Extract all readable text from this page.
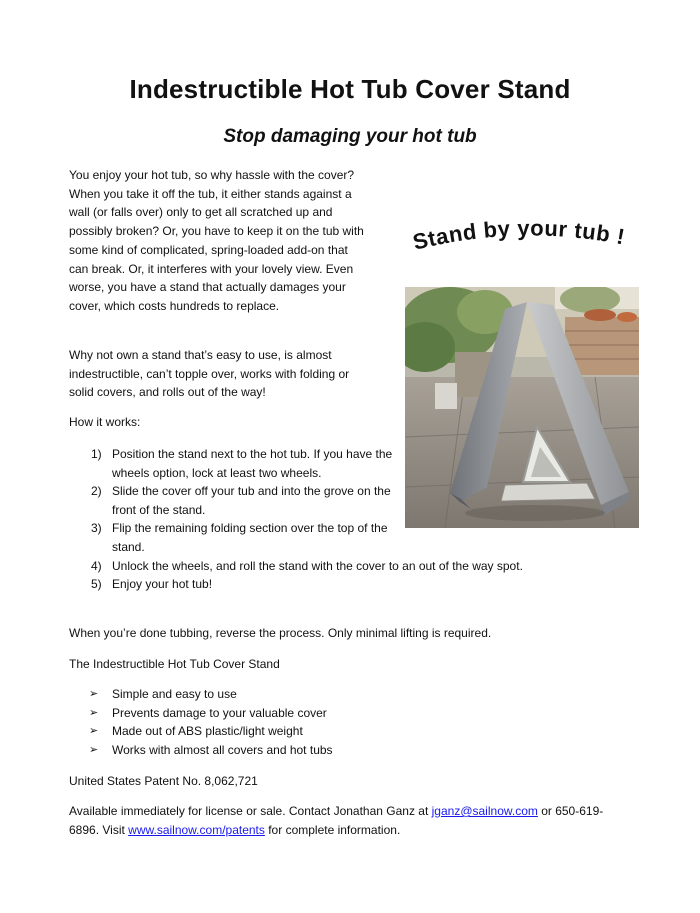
Indestructible Hot Tub Cover Stand
Stop damaging your hot tub

You enjoy your hot tub, so why hassle with the cover? When you take it off the tub, it either stands against a wall (or falls over) only to get all scratched up and possibly broken? Or, you have to keep it on the tub with some kind of complicated, spring-loaded add-on that can break. Or, it interferes with your lovely view. Even worse, you have a stand that actually damages your cover, which costs hundreds to replace.

Why not own a stand that’s easy to use, is almost indestructible, can’t topple over, works with folding or solid covers, and rolls out of the way!

How it works:

1) Position the stand next to the hot tub. If you have the wheels option, lock at least two wheels.
2) Slide the cover off your tub and into the grove on the front of the stand.
3) Flip the remaining folding section over the top of the stand.
4) Unlock the wheels, and roll the stand with the cover to an out of the way spot.
5) Enjoy your hot tub!

When you’re done tubbing, reverse the process. Only minimal lifting is required.

The Indestructible Hot Tub Cover Stand

➢ Simple and easy to use
➢ Prevents damage to your valuable cover
➢ Made out of ABS plastic/light weight
➢ Works with almost all covers and hot tubs

United States Patent No. 8,062,721

Available immediately for license or sale. Contact Jonathan Ganz at jganz@sailnow.com or 650-619-6896. Visit www.sailnow.com/patents for complete information.

Stand by your tub !
